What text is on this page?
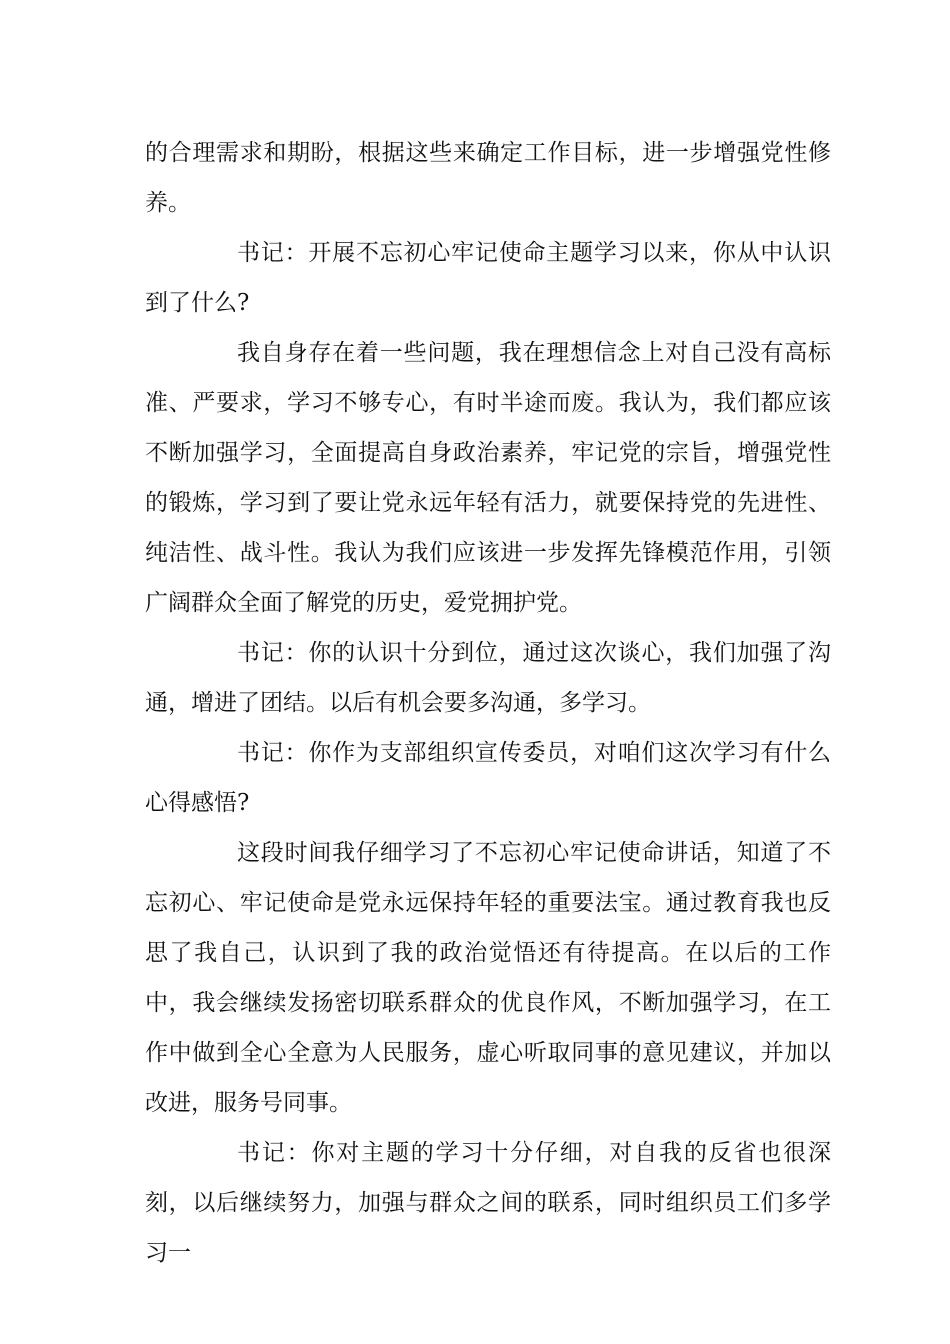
的合理需求和期盼，根据这些来确定工作目标，进一步增强党性修养。

书记：开展不忘初心牢记使命主题学习以来，你从中认识到了什么?

我自身存在着一些问题，我在理想信念上对自己没有高标准、严要求，学习不够专心，有时半途而废。我认为，我们都应该不断加强学习，全面提高自身政治素养，牢记党的宗旨，增强党性的锻炼，学习到了要让党永远年轻有活力，就要保持党的先进性、纯洁性、战斗性。我认为我们应该进一步发挥先锋模范作用，引领广阔群众全面了解党的历史，爱党拥护党。

书记：你的认识十分到位，通过这次谈心，我们加强了沟通，增进了团结。以后有机会要多沟通，多学习。

书记：你作为支部组织宣传委员，对咱们这次学习有什么心得感悟?

这段时间我仔细学习了不忘初心牢记使命讲话，知道了不忘初心、牢记使命是党永远保持年轻的重要法宝。通过教育我也反思了我自己，认识到了我的政治觉悟还有待提高。在以后的工作中，我会继续发扬密切联系群众的优良作风，不断加强学习，在工作中做到全心全意为人民服务，虚心听取同事的意见建议，并加以改进，服务号同事。

书记：你对主题的学习十分仔细，对自我的反省也很深刻，以后继续努力，加强与群众之间的联系，同时组织员工们多学习一
